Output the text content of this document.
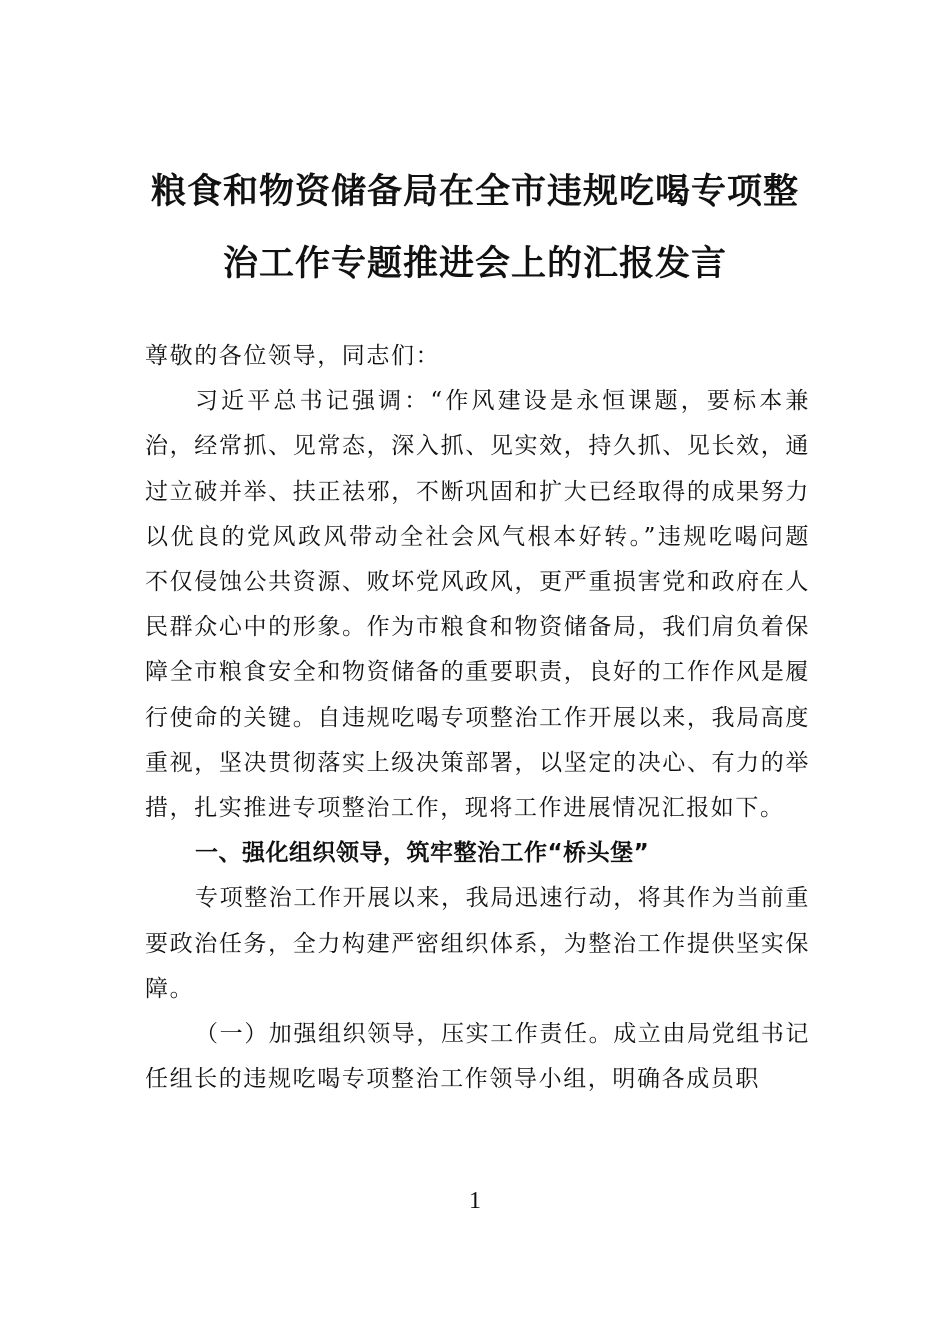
粮食和物资储备局在全市违规吃喝专项整
治工作专题推进会上的汇报发言

尊敬的各位领导，同志们：

习近平总书记强调：“作风建设是永恒课题，要标本兼治，经常抓、见常态，深入抓、见实效，持久抓、见长效，通过立破并举、扶正祛邪，不断巩固和扩大已经取得的成果努力以优良的党风政风带动全社会风气根本好转。”违规吃喝问题不仅侵蚀公共资源、败坏党风政风，更严重损害党和政府在人民群众心中的形象。作为市粮食和物资储备局，我们肩负着保障全市粮食安全和物资储备的重要职责，良好的工作作风是履行使命的关键。自违规吃喝专项整治工作开展以来，我局高度重视，坚决贯彻落实上级决策部署，以坚定的决心、有力的举措，扎实推进专项整治工作，现将工作进展情况汇报如下。

一、强化组织领导，筑牢整治工作“桥头堡”

专项整治工作开展以来，我局迅速行动，将其作为当前重要政治任务，全力构建严密组织体系，为整治工作提供坚实保障。

（一）加强组织领导，压实工作责任。成立由局党组书记任组长的违规吃喝专项整治工作领导小组，明确各成员职

1
